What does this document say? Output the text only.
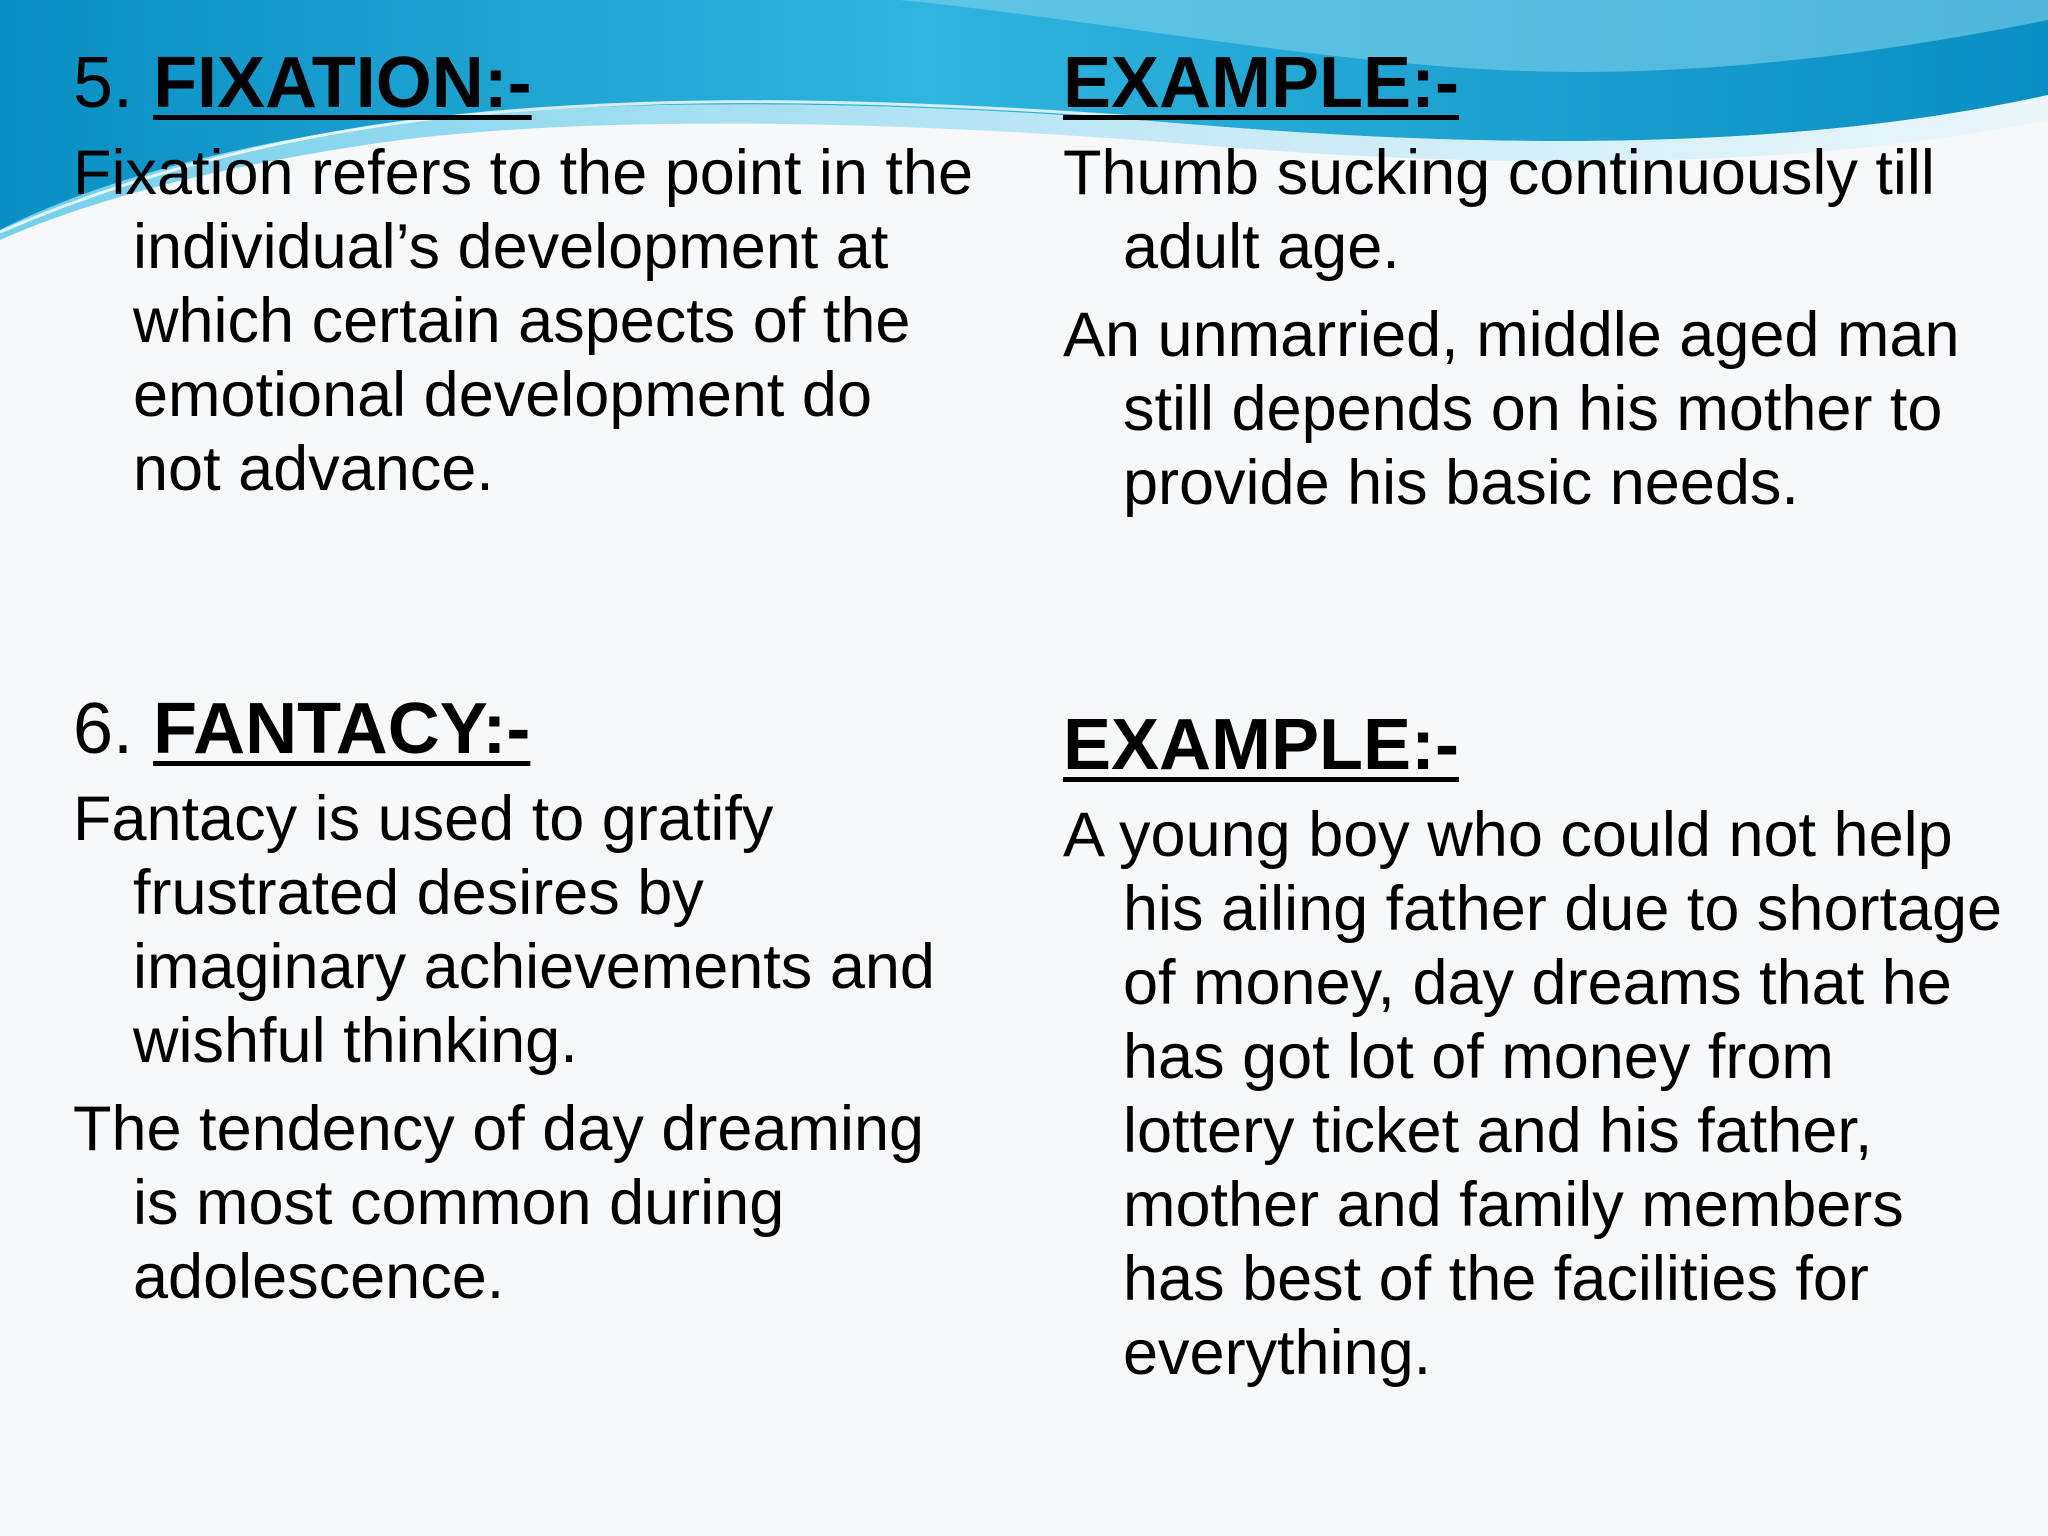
5. FIXATION:-

Fixation refers to the point in the individual’s development at which certain aspects of the emotional development do not advance.

EXAMPLE:-

Thumb sucking continuously till adult age.

An unmarried, middle aged man still depends on his mother to provide his basic needs.

6. FANTACY:-

Fantacy is used to gratify frustrated desires by imaginary achievements and wishful thinking.

The tendency of day dreaming is most common during adolescence.

EXAMPLE:-

A young boy who could not help his ailing father due to shortage of money, day dreams that he has got lot of money from lottery ticket and his father, mother and family members has best of the facilities for everything.
